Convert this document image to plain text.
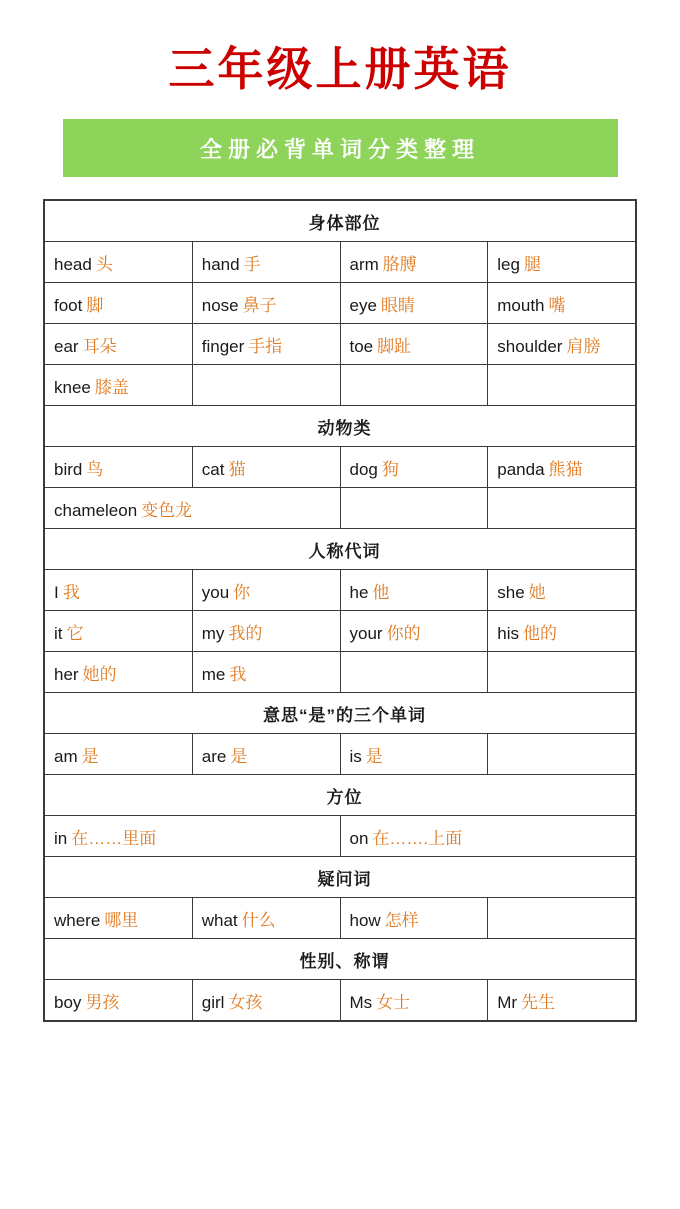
三年级上册英语
全册必背单词分类整理
身体部位			
head 头	hand 手	arm 胳膊	leg 腿
foot 脚	nose 鼻子	eye 眼睛	mouth 嘴
ear 耳朵	finger 手指	toe 脚趾	shoulder 肩膀
knee 膝盖			
动物类			
bird 鸟	cat 猫	dog 狗	panda 熊猫
chameleon 变色龙			
人称代词			
I 我	you 你	he 他	she 她
it 它	my 我的	your 你的	his 他的
her 她的	me 我		
意思“是”的三个单词			
am 是	are 是	is 是	
方位			
in 在……里面		on 在…….上面	
疑问词			
where 哪里	what 什么	how 怎样	
性别、称谓			
boy 男孩	girl 女孩	Ms 女士	Mr 先生
